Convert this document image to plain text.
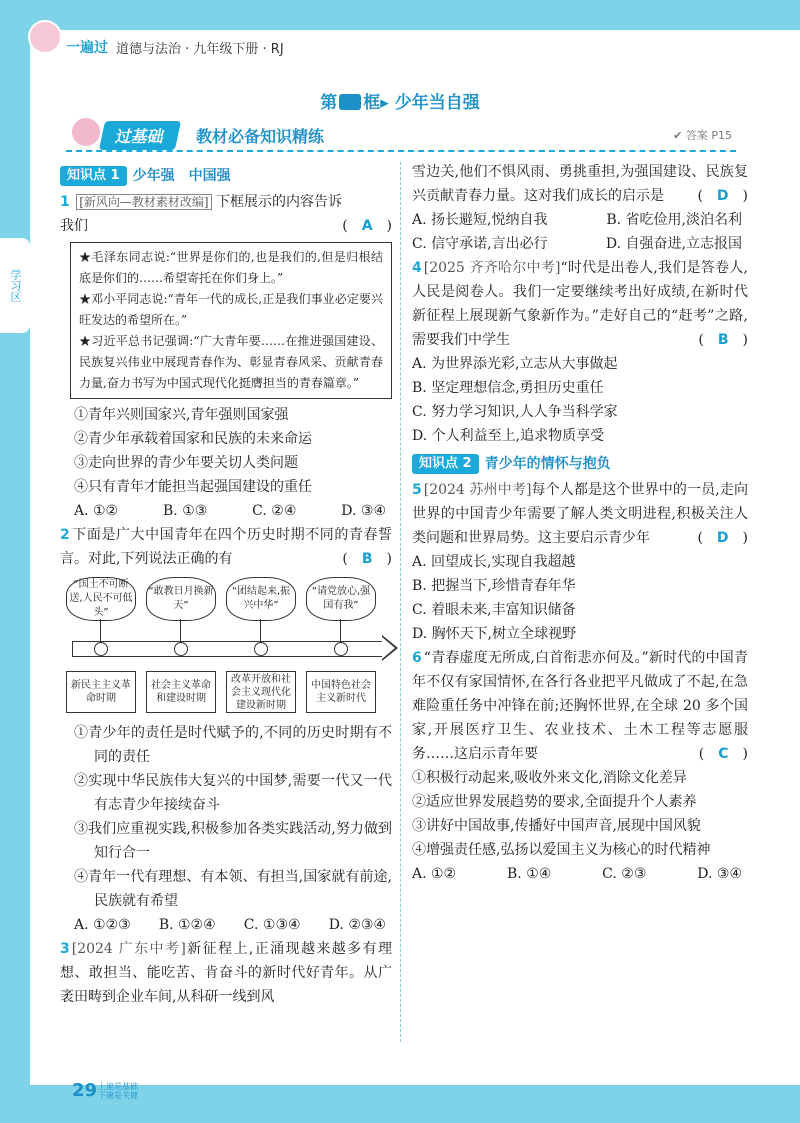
一遍过 道德与法治 · 九年级下册 · RJ
第 框▸ 少年当自强
过基础	教材必备知识精练	✔ 答案 P15
学习区
知识点 1 少年强　中国强
1 [新风向—教材素材改编] 下框展示的内容告诉
我们	(　A　)
★毛泽东同志说:“世界是你们的,也是我们的,但是归根结底是你们的……希望寄托在你们身上。”
★邓小平同志说:“青年一代的成长,正是我们事业必定要兴旺发达的希望所在。”
★习近平总书记强调:“广大青年要……在推进强国建设、民族复兴伟业中展现青春作为、彰显青春风采、贡献青春力量,奋力书写为中国式现代化挺膺担当的青春篇章。”
①青年兴则国家兴,青年强则国家强
②青少年承载着国家和民族的未来命运
③走向世界的青少年要关切人类问题
④只有青年才能担当起强国建设的重任
A. ①②	B. ①③	C. ②④	D. ③④
2 下面是广大中国青年在四个历史时期不同的青春誓言。对此,下列说法正确的有	(　B　)
“国土不可断送,人民不可低头”
“敢教日月换新天”
“团结起来,振兴中华”
“请党放心,强国有我”
新民主主义革命时期
社会主义革命和建设时期
改革开放和社会主义现代化建设新时期
中国特色社会主义新时代
①青少年的责任是时代赋予的,不同的历史时期有不同的责任
②实现中华民族伟大复兴的中国梦,需要一代又一代有志青少年接续奋斗
③我们应重视实践,积极参加各类实践活动,努力做到知行合一
④青年一代有理想、有本领、有担当,国家就有前途,民族就有希望
A. ①②③ B. ①②④ C. ①③④ D. ②③④
3 [2024 广东中考]新征程上,正涌现越来越多有理想、敢担当、能吃苦、肯奋斗的新时代好青年。从广袤田畴到企业车间,从科研一线到风
雪边关,他们不惧风雨、勇挑重担,为强国建设、民族复兴贡献青春力量。这对我们成长的启示是 (　D　)
A. 扬长避短,悦纳自我	B. 省吃俭用,淡泊名利
C. 信守承诺,言出必行	D. 自强奋进,立志报国
4 [2025 齐齐哈尔中考]“时代是出卷人,我们是答卷人,人民是阅卷人。我们一定要继续考出好成绩,在新时代新征程上展现新气象新作为。”走好自己的“赶考”之路,需要我们中学生	(　B　)
A. 为世界添光彩,立志从大事做起
B. 坚定理想信念,勇担历史重任
C. 努力学习知识,人人争当科学家
D. 个人利益至上,追求物质享受
知识点 2 青少年的情怀与抱负
5 [2024 苏州中考]每个人都是这个世界中的一员,走向世界的中国青少年需要了解人类文明进程,积极关注人类问题和世界局势。这主要启示青少年	(　D　)
A. 回望成长,实现自我超越
B. 把握当下,珍惜青春年华
C. 着眼未来,丰富知识储备
D. 胸怀天下,树立全球视野
6 “青春虚度无所成,白首衔悲亦何及。”新时代的中国青年不仅有家国情怀,在各行各业把平凡做成了不起,在急难险重任务中冲锋在前;还胸怀世界,在全球 20 多个国家,开展医疗卫生、农业技术、土木工程等志愿服务……这启示青年要	(　C　)
①积极行动起来,吸收外来文化,消除文化差异
②适应世界发展趋势的要求,全面提升个人素养
③讲好中国故事,传播好中国声音,展现中国风貌
④增强责任感,弘扬以爱国主义为核心的时代精神
A. ①②	B. ①④	C. ②③	D. ③④
29 上遍是基础
下遍是关键
